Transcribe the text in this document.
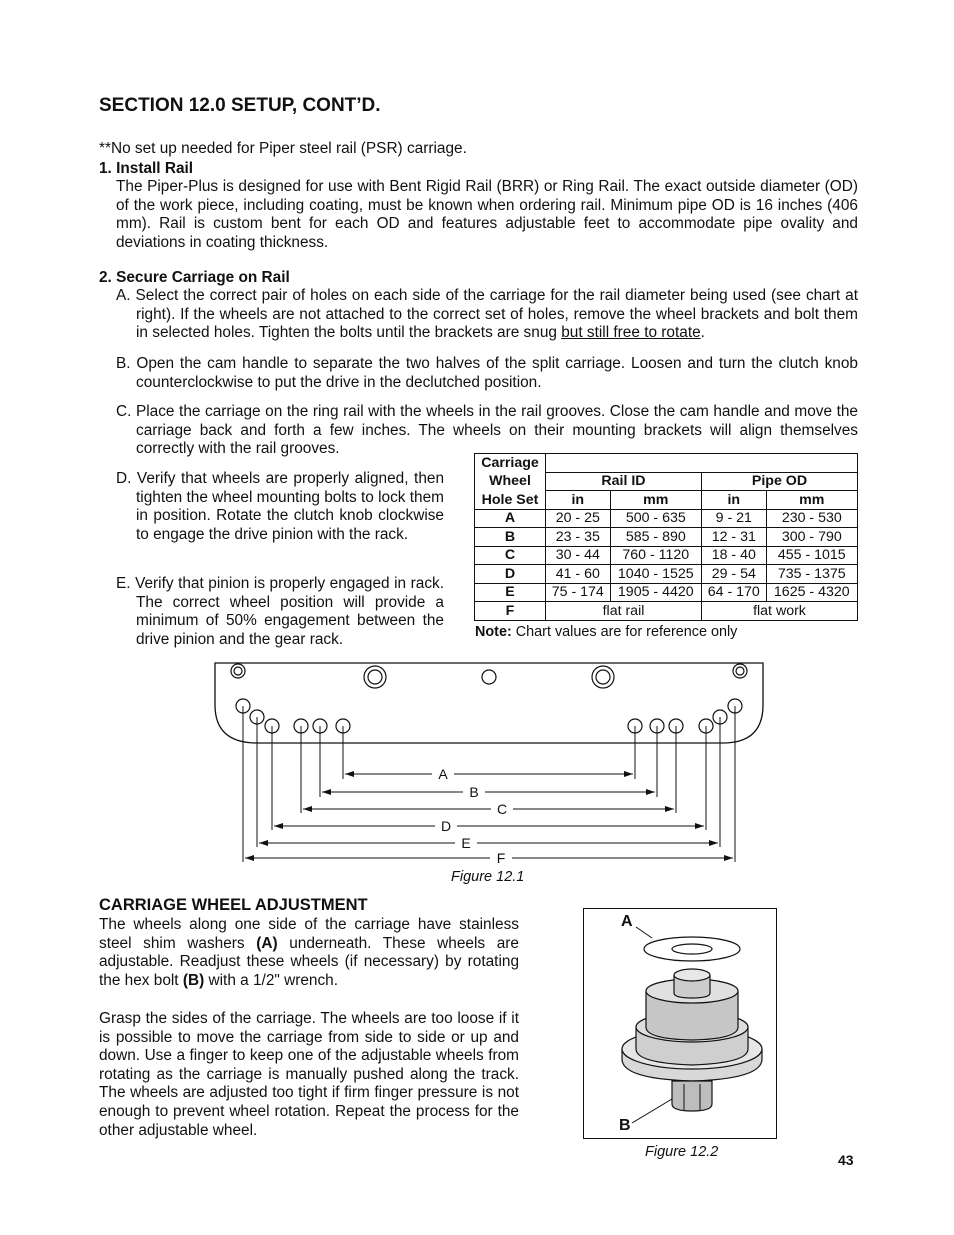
SECTION 12.0 SETUP, CONT’D.
**No set up needed for Piper steel rail (PSR) carriage.
1. Install Rail
The Piper-Plus is designed for use with Bent Rigid Rail (BRR) or Ring Rail. The exact outside diameter (OD) of the work piece, including coating, must be known when ordering rail. Minimum pipe OD is 16 inches (406 mm). Rail is custom bent for each OD and features adjustable feet to accommodate pipe ovality and deviations in coating thickness.
2. Secure Carriage on Rail
A. Select the correct pair of holes on each side of the carriage for the rail diameter being used (see chart at right). If the wheels are not attached to the correct set of holes, remove the wheel brackets and bolt them in selected holes. Tighten the bolts until the brackets are snug but still free to rotate.
B. Open the cam handle to separate the two halves of the split carriage. Loosen and turn the clutch knob counterclockwise to put the drive in the declutched position.
C. Place the carriage on the ring rail with the wheels in the rail grooves. Close the cam handle and move the carriage back and forth a few inches. The wheels on their mounting brackets will align themselves correctly with the rail grooves.
D. Verify that wheels are properly aligned, then tighten the wheel mounting bolts to lock them in position. Rotate the clutch knob clockwise to engage the drive pinion with the rack.
E. Verify that pinion is properly engaged in rack. The correct wheel position will provide a minimum of 50% engagement between the drive pinion and the gear rack.
Carriage				
Wheel	Rail ID		Pipe OD	
Hole Set	in	mm	in	mm
A	20 - 25	500 - 635	9 - 21	230 - 530
B	23 - 35	585 - 890	12 - 31	300 - 790
C	30 - 44	760 - 1120	18 - 40	455 - 1015
D	41 - 60	1040 - 1525	29 - 54	735 - 1375
E	75 - 174	1905 - 4420	64 - 170	1625 - 4320
F	flat rail		flat work	
Note: Chart values are for reference only
A
B
C
D
E
F
Figure 12.1
CARRIAGE WHEEL ADJUSTMENT
The wheels along one side of the carriage have stainless steel shim washers (A) underneath. These wheels are adjustable. Readjust these wheels (if necessary) by rotating the hex bolt (B) with a 1/2" wrench.
Grasp the sides of the carriage. The wheels are too loose if it is possible to move the carriage from side to side or up and down. Use a finger to keep one of the adjustable wheels from rotating as the carriage is manually pushed along the track. The wheels are adjusted too tight if firm finger pressure is not enough to prevent wheel rotation. Repeat the process for the other adjustable wheel.
A
B
Figure 12.2	43
